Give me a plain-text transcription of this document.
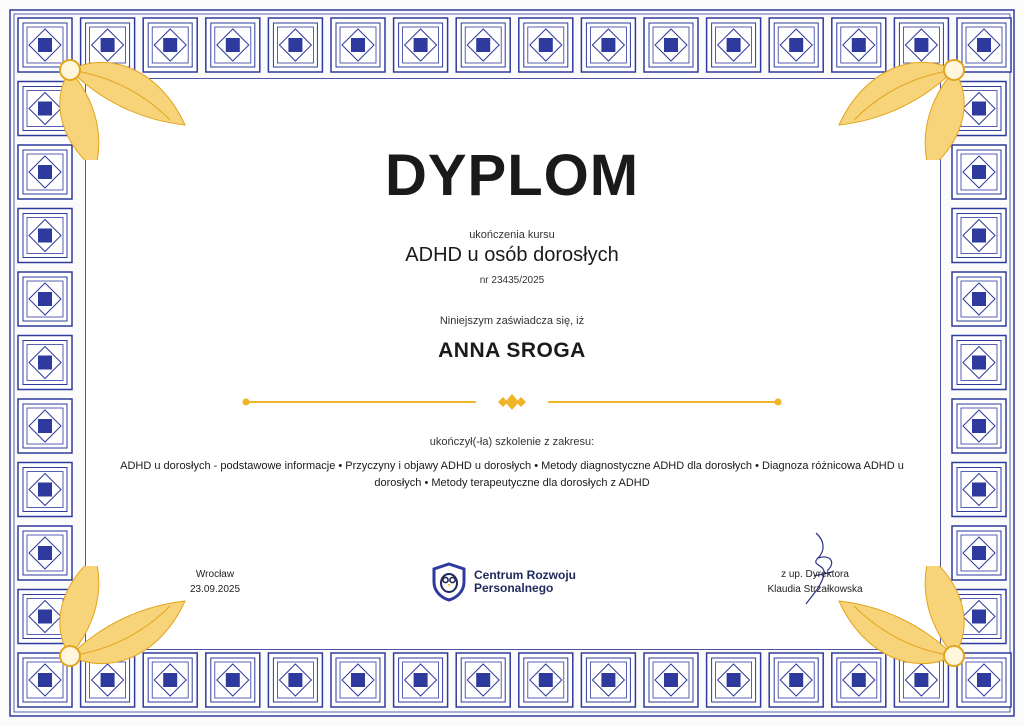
DYPLOM
ukończenia kursu
ADHD u osób dorosłych
nr 23435/2025
Niniejszym zaświadcza się, iż
ANNA SROGA
ukończył(-ła) szkolenie z zakresu:
ADHD u dorosłych - podstawowe informacje • Przyczyny i objawy ADHD u dorosłych • Metody diagnostyczne ADHD dla dorosłych • Diagnoza różnicowa ADHD u dorosłych • Metody terapeutyczne dla dorosłych z ADHD
Wrocław
23.09.2025
Centrum Rozwoju
Personalnego
z up. Dyrektora
Klaudia Strzałkowska
